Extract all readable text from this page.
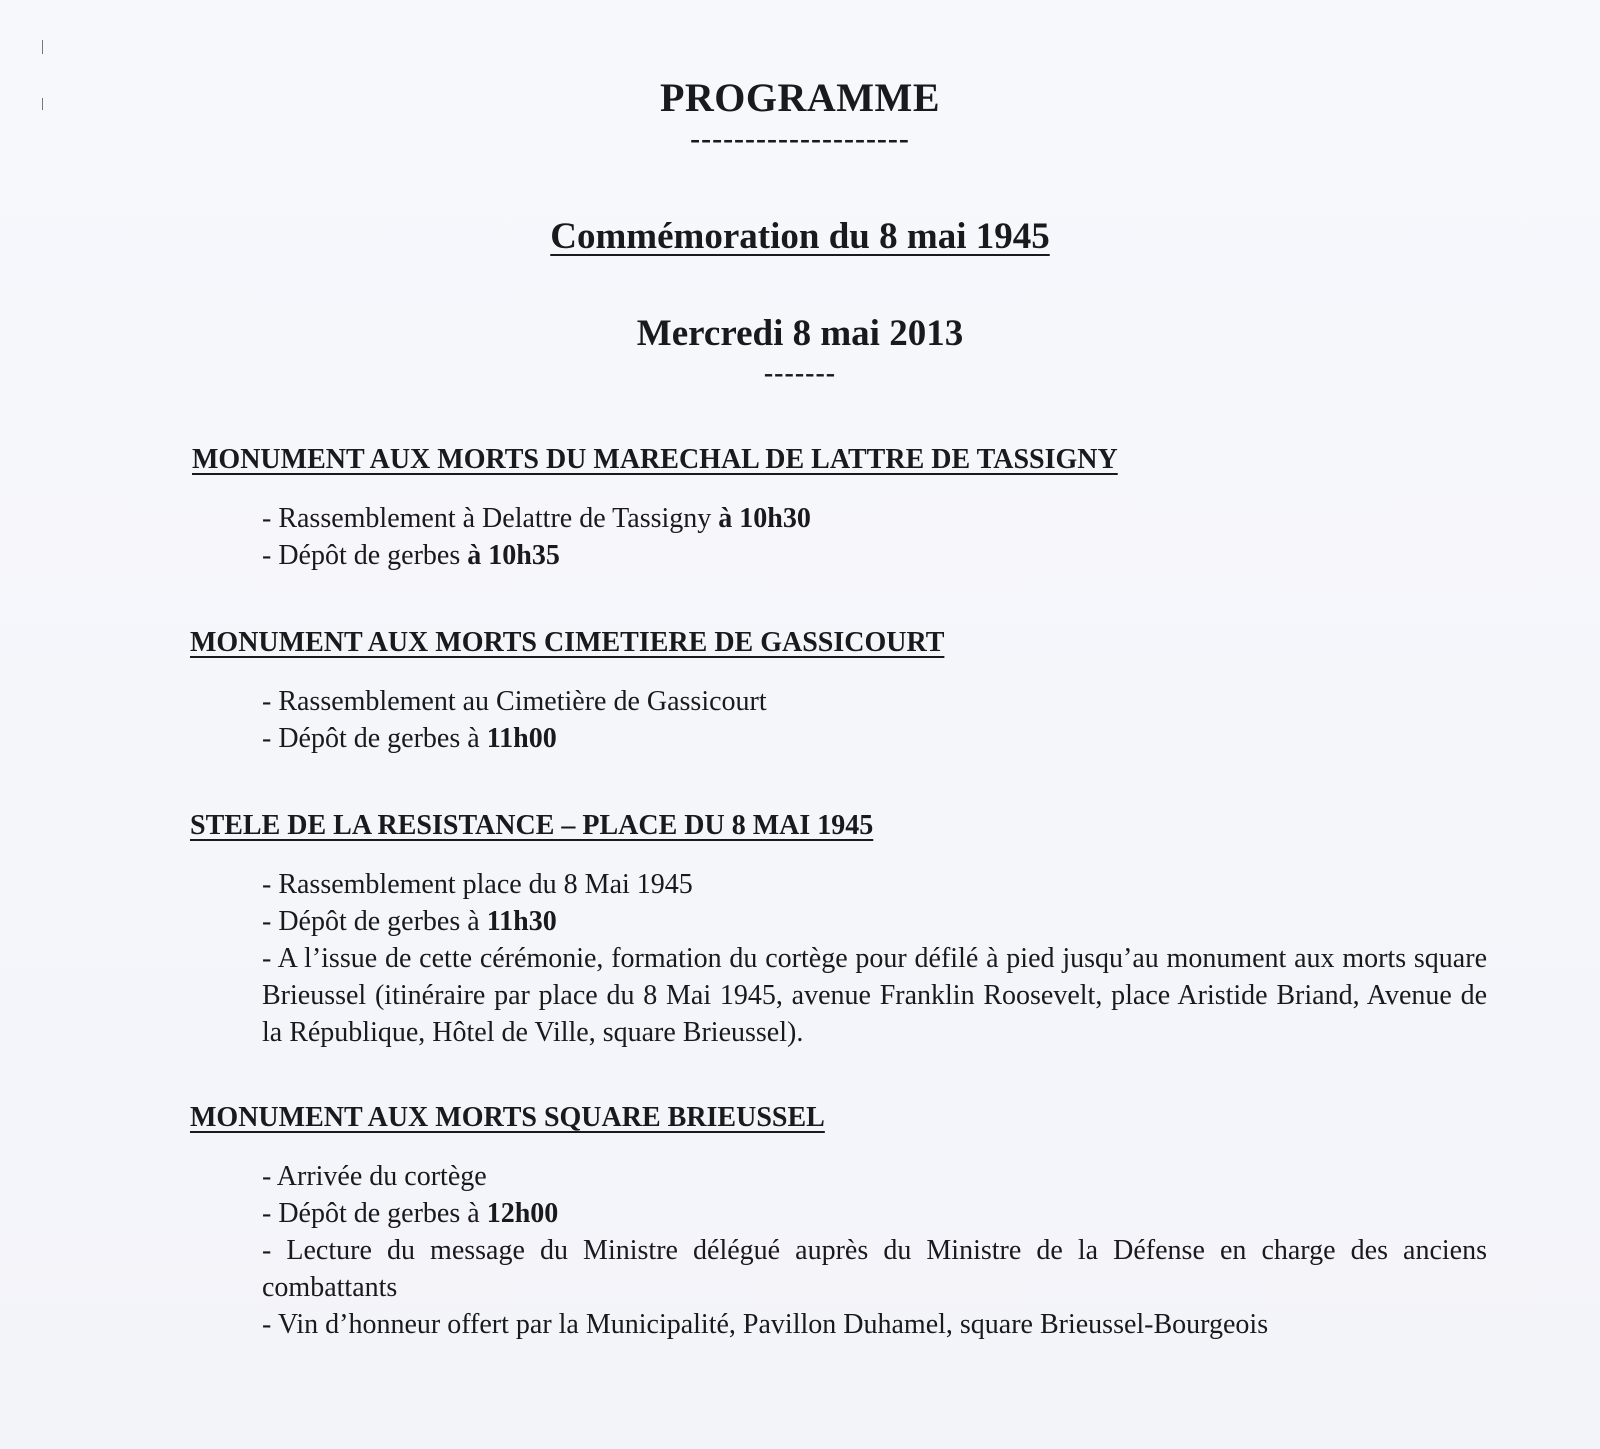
PROGRAMME
--------------------
Commémoration du 8 mai 1945
Mercredi 8 mai 2013
-------

MONUMENT AUX MORTS DU MARECHAL DE LATTRE DE TASSIGNY

- Rassemblement à Delattre de Tassigny à 10h30
- Dépôt de gerbes à 10h35

MONUMENT AUX MORTS CIMETIERE DE GASSICOURT

- Rassemblement au Cimetière de Gassicourt
- Dépôt de gerbes à 11h00

STELE DE LA RESISTANCE – PLACE DU 8 MAI 1945

- Rassemblement place du 8 Mai 1945
- Dépôt de gerbes à 11h30
- A l’issue de cette cérémonie, formation du cortège pour défilé à pied jusqu’au monument aux morts square Brieussel (itinéraire par place du 8 Mai 1945, avenue Franklin Roosevelt, place Aristide Briand, Avenue de la République, Hôtel de Ville, square Brieussel).

MONUMENT AUX MORTS SQUARE BRIEUSSEL

- Arrivée du cortège
- Dépôt de gerbes à 12h00
- Lecture du message du Ministre délégué auprès du Ministre de la Défense en charge des anciens combattants
- Vin d’honneur offert par la Municipalité, Pavillon Duhamel, square Brieussel-Bourgeois
